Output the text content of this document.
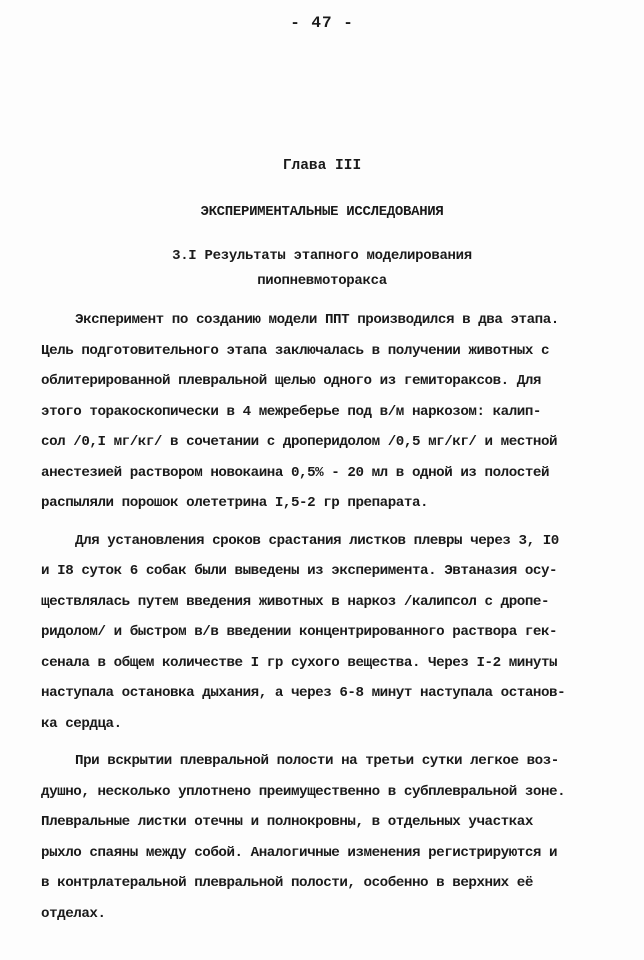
- 47 -
Глава III
ЭКСПЕРИМЕНТАЛЬНЫЕ ИССЛЕДОВАНИЯ
3.I Результаты этапного моделирования
пиопневмоторакса
Эксперимент по созданию модели ППТ производился в два этапа.
Цель подготовительного этапа заключалась в получении животных с
облитерированной плевральной щелью одного из гемитораксов. Для
этого торакоскопически в 4 межреберье под в/м наркозом: калип-
сол /0,I мг/кг/ в сочетании с дроперидолом /0,5 мг/кг/ и местной
анестезией раствором новокаина 0,5% - 20 мл в одной из полостей
распыляли порошок олететрина I,5-2 гр препарата.
Для установления сроков срастания листков плевры через 3, I0
и I8 суток 6 собак были выведены из эксперимента. Эвтаназия осу-
ществлялась путем введения животных в наркоз /калипсол с дропе-
ридолом/ и быстром в/в введении концентрированного раствора гек-
сенала в общем количестве I гр сухого вещества. Через I-2 минуты
наступала остановка дыхания, а через 6-8 минут наступала останов-
ка сердца.
При вскрытии плевральной полости на третьи сутки легкое воз-
душно, несколько уплотнено преимущественно в субплевральной зоне.
Плевральные листки отечны и полнокровны, в отдельных участках
рыхло спаяны между собой. Аналогичные изменения регистрируются и
в контрлатеральной плевральной полости, особенно в верхних её
отделах.
